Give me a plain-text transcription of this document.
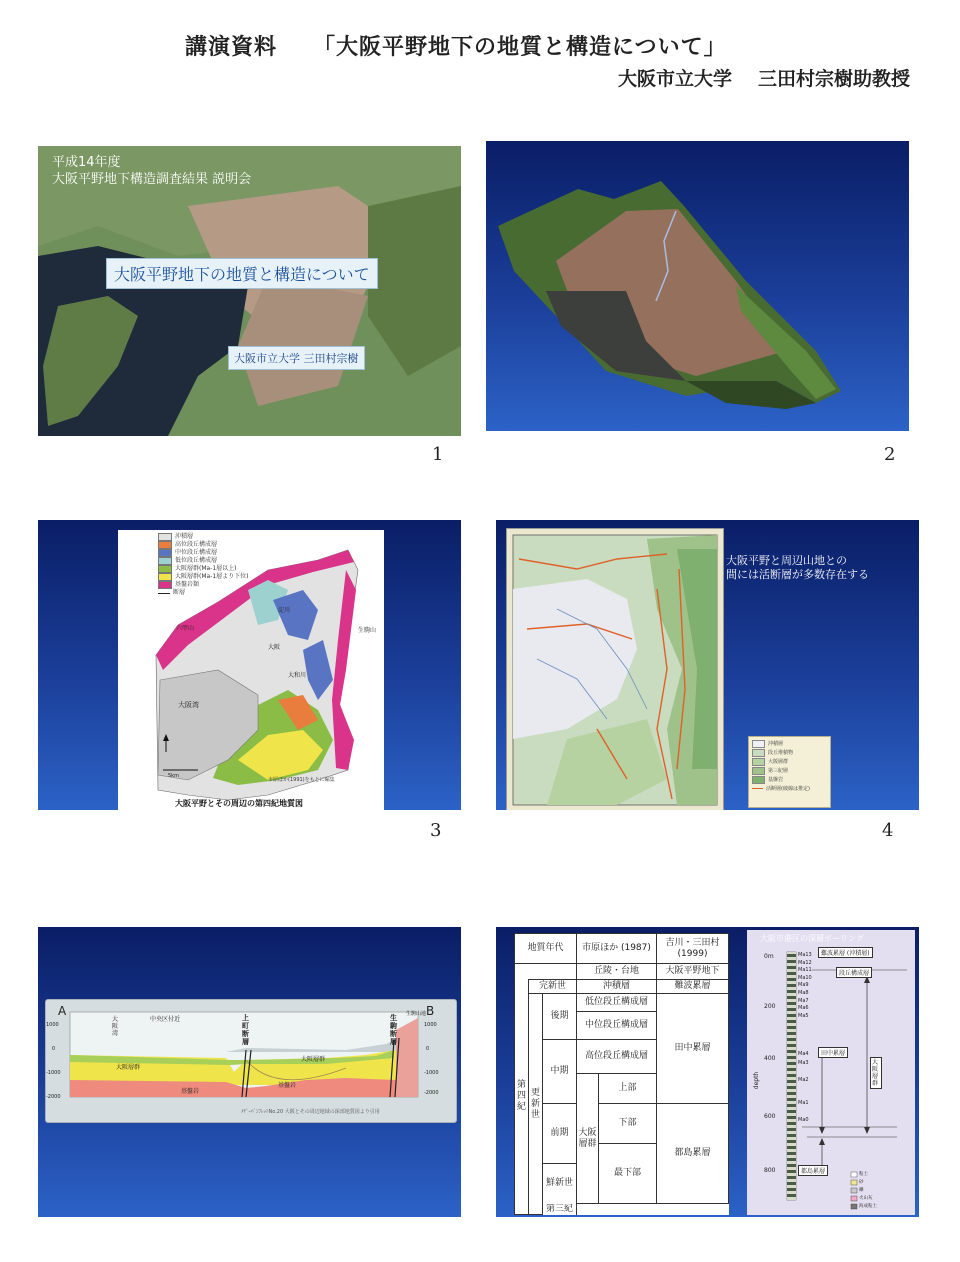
講演資料 「大阪平野地下の地質と構造について」
大阪市立大学 三田村宗樹助教授
平成14年度
大阪平野地下構造調査結果 説明会
大阪平野地下の地質と構造について
大阪市立大学 三田村宗樹
1	2
沖積層
高位段丘構成層
中位段丘構成層
低位段丘構成層
大阪層群(Ma-1層以上)
大阪層群(Ma-1層より下位)
基盤岩類
断層
大阪湾
六甲山
淀川
生駒山
大和川
大阪
5km
市原ほか(1991)をもとに編集
大阪平野とその周辺の第四紀地質図
3
大阪平野と周辺山地との
間には活断層が多数存在する
沖積層
段丘堆積物
大阪層群
第三紀層
基盤岩
活断層(破線は推定)
4
A	B
大阪湾
中央区付近	上町断層
生駒断層
生駒山地
大阪層群
大阪層群
基盤岩
基盤岩
1000
0
-1000
-2000
1000
0
-1000
-2000
ﾒﾃﾞｰﾊﾟﾝﾌﾚｯﾄNo.20 大阪とその周辺地域の深部地質図より引用
地質年代			市原ほか (1987)		吉川・三田村 (1999)
			丘陵・台地		大阪平野地下
第四紀	完新世		沖積層		難波累層
	更新世	後期	低位段丘構成層		田中累層
			中位段丘構成層		
		中期	高位段丘構成層		
			大阪層群	上部	
		前期		下部	都島累層
				最下部	
		鮮新世			
		第三紀			
大阪市港区の深層ボーリング
0m
200
400
600
800
depth
Ma13
Ma12
Ma11
Ma10
Ma9
Ma8
Ma7
Ma6
Ma5
Ma4
Ma3
Ma2
Ma1
Ma0
難波累層 (沖積層)
段丘構成層
田中累層
大阪層群
都島累層	粘土
砂
礫
火山灰
海成粘土
